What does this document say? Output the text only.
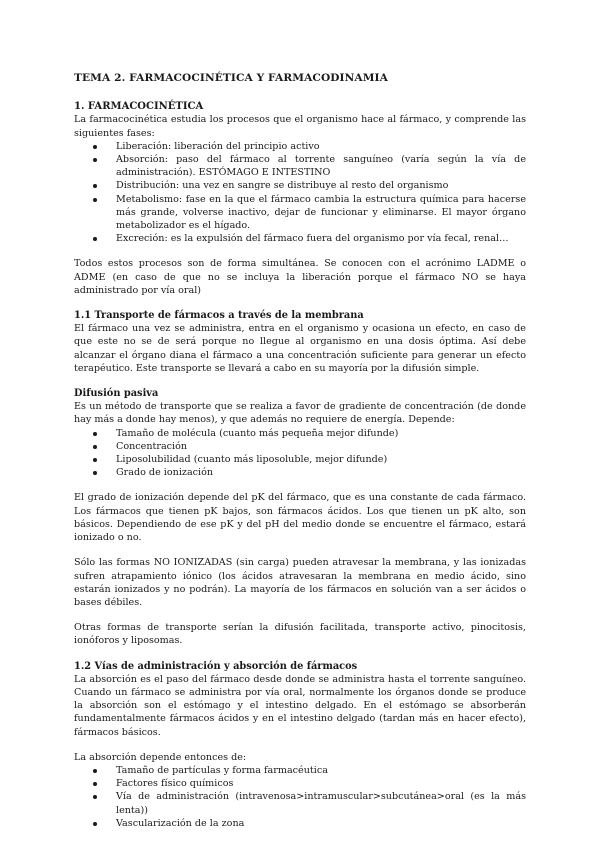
TEMA 2. FARMACOCINÉTICA Y FARMACODINAMIA
1. FARMACOCINÉTICA

La farmacocinética estudia los procesos que el organismo hace al fármaco, y comprende las siguientes fases:

Liberación: liberación del principio activo
Absorción: paso del fármaco al torrente sanguíneo (varía según la vía de administración). ESTÓMAGO E INTESTINO
Distribución: una vez en sangre se distribuye al resto del organismo
Metabolismo: fase en la que el fármaco cambia la estructura química para hacerse más grande, volverse inactivo, dejar de funcionar y eliminarse. El mayor órgano metabolizador es el hígado.
Excreción: es la expulsión del fármaco fuera del organismo por vía fecal, renal…

Todos estos procesos son de forma simultánea. Se conocen con el acrónimo LADME o ADME (en caso de que no se incluya la liberación porque el fármaco NO se haya administrado por vía oral)

1.1 Transporte de fármacos a través de la membrana

El fármaco una vez se administra, entra en el organismo y ocasiona un efecto, en caso de que este no se de será porque no llegue al organismo en una dosis óptima. Así debe alcanzar el órgano diana el fármaco a una concentración suficiente para generar un efecto terapéutico. Este transporte se llevará a cabo en su mayoría por la difusión simple.

Difusión pasiva

Es un método de transporte que se realiza a favor de gradiente de concentración (de donde hay más a donde hay menos), y que además no requiere de energía. Depende:

Tamaño de molécula (cuanto más pequeña mejor difunde)
Concentración
Liposolubilidad (cuanto más liposoluble, mejor difunde)
Grado de ionización

El grado de ionización depende del pK del fármaco, que es una constante de cada fármaco. Los fármacos que tienen pK bajos, son fármacos ácidos. Los que tienen un pK alto, son básicos. Dependiendo de ese pK y del pH del medio donde se encuentre el fármaco, estará ionizado o no.

Sólo las formas NO IONIZADAS (sin carga) pueden atravesar la membrana, y las ionizadas sufren atrapamiento iónico (los ácidos atravesaran la membrana en medio ácido, sino estarán ionizados y no podrán). La mayoría de los fármacos en solución van a ser ácidos o bases débiles.

Otras formas de transporte serían la difusión facilitada, transporte activo, pinocitosis, ionóforos y liposomas.

1.2 Vías de administración y absorción de fármacos

La absorción es el paso del fármaco desde donde se administra hasta el torrente sanguíneo. Cuando un fármaco se administra por vía oral, normalmente los órganos donde se produce la absorción son el estómago y el intestino delgado. En el estómago se absorberán fundamentalmente fármacos ácidos y en el intestino delgado (tardan más en hacer efecto), fármacos básicos.

La absorción depende entonces de:

Tamaño de partículas y forma farmacéutica
Factores físico químicos
Vía de administración (intravenosa>intramuscular>subcutánea>oral (es la más lenta))
Vascularización de la zona
